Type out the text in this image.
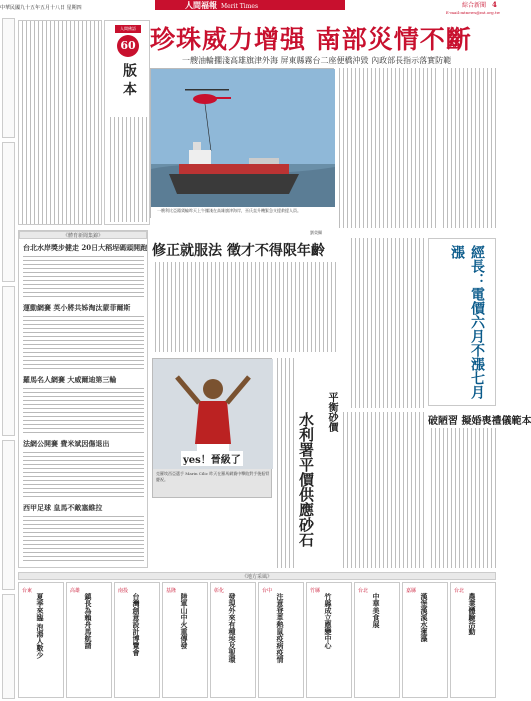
中華民國九十五年五月十八日 星期四	人間福報 Merit Times	綜合新聞 4
E-mail:mtnews@mt.org.tw
人間佛語
60
版 本
珍珠威力增强 南部災情不斷
一艘油輪擱淺高雄旗津外海 屏東縣霧台二座便橋沖毀 內政部長指示落實防範
一艘利比亞籍貨輪昨天上午擱淺在高雄旗津海岸，巫氏直升機緊急支援救援人員。
劉榮攝
《體育新聞集錦》
台北水岸獎步健走 20日大稻埕碼頭開跑
運動網賽 英小將共姊淘汰蒙菲爾斯
羅馬名人網賽 大威爾迪第三輪
法網公開賽 費米斌因傷退出
西甲足球 皇馬不敵塞維拉
修正就服法 徵才不得限年齡	經長：電價六月不漲七月漲
yes！晉級了
克羅埃西亞選手 Marin Cilic 昨天在羅馬網賽中擊敗對手後振臂慶祝。
平衡砂價
水利署平價供應砂石	破陋習 擬婚喪禮儀範本
《地方采風》
台東
夏季來臨 泡湯人數少
高雄
鎮長為賴舟馬航請
南投
台灣創意設計博覽會
基隆
陸軍山中火重傳發
彰化
發現外來有種埃及聖環
台中
注意登革熱鼠疫病疫情
竹縣
竹縣成立應變中心
台北
中華美食展
嘉縣
漢堡漢溪水蓮藻
台北
農業體驗活動
